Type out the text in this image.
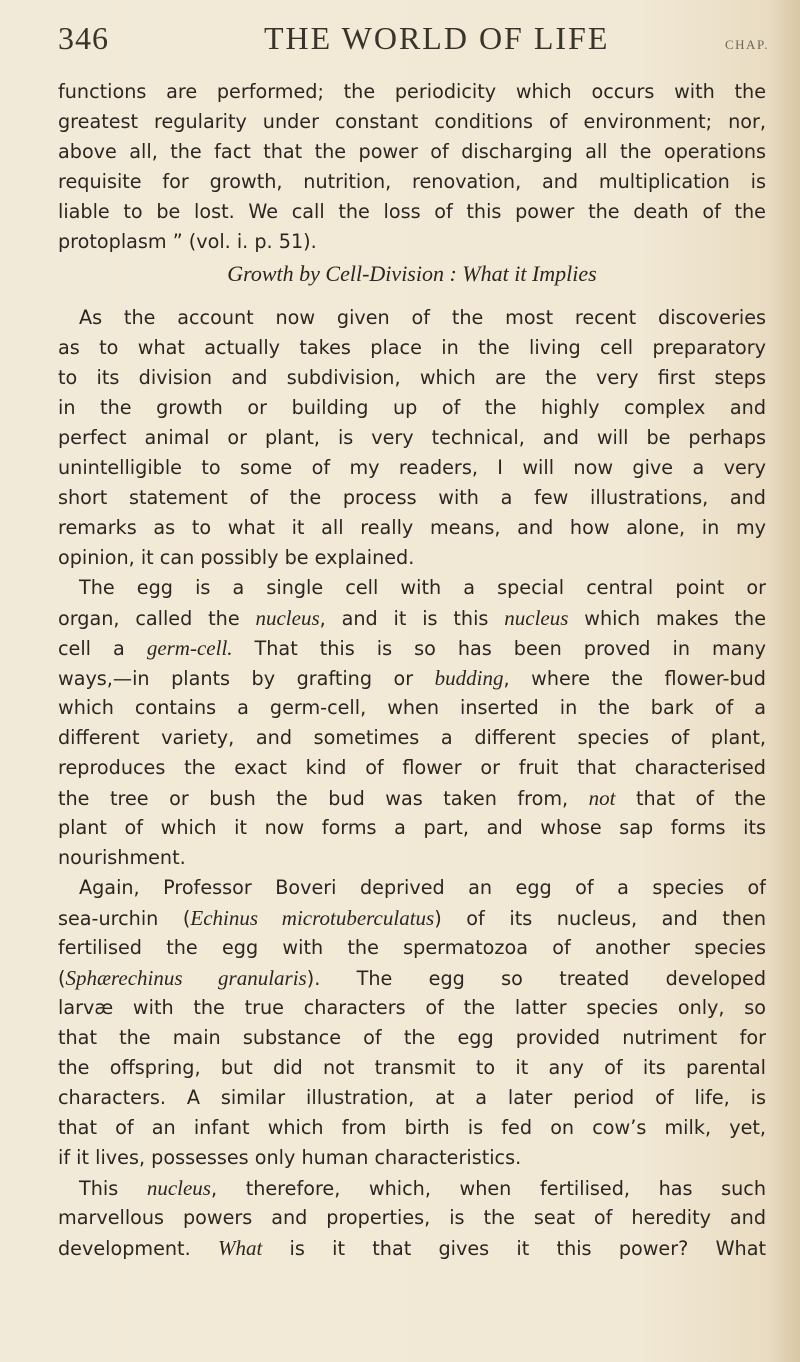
346	THE WORLD OF LIFE	CHAP.
functions are performed; the periodicity which occurs with the
greatest regularity under constant conditions of environment; nor,
above all, the fact that the power of discharging all the operations
requisite for growth, nutrition, renovation, and multiplication is
liable to be lost. We call the loss of this power the death of the
protoplasm ” (vol. i. p. 51).
Growth by Cell-Division : What it Implies
As the account now given of the most recent discoveries
as to what actually takes place in the living cell preparatory
to its division and subdivision, which are the very first steps
in the growth or building up of the highly complex and
perfect animal or plant, is very technical, and will be perhaps
unintelligible to some of my readers, I will now give a very
short statement of the process with a few illustrations, and
remarks as to what it all really means, and how alone, in my
opinion, it can possibly be explained.
The egg is a single cell with a special central point or
organ, called the nucleus, and it is this nucleus which makes the
cell a germ-cell. That this is so has been proved in many
ways,—in plants by grafting or budding, where the flower-bud
which contains a germ-cell, when inserted in the bark of a
different variety, and sometimes a different species of plant,
reproduces the exact kind of flower or fruit that characterised
the tree or bush the bud was taken from, not that of the
plant of which it now forms a part, and whose sap forms its
nourishment.
Again, Professor Boveri deprived an egg of a species of
sea-urchin (Echinus microtuberculatus) of its nucleus, and then
fertilised the egg with the spermatozoa of another species
(Sphærechinus granularis). The egg so treated developed
larvæ with the true characters of the latter species only, so
that the main substance of the egg provided nutriment for
the offspring, but did not transmit to it any of its parental
characters. A similar illustration, at a later period of life, is
that of an infant which from birth is fed on cow’s milk, yet,
if it lives, possesses only human characteristics.
This nucleus, therefore, which, when fertilised, has such
marvellous powers and properties, is the seat of heredity and
development. What is it that gives it this power? What
